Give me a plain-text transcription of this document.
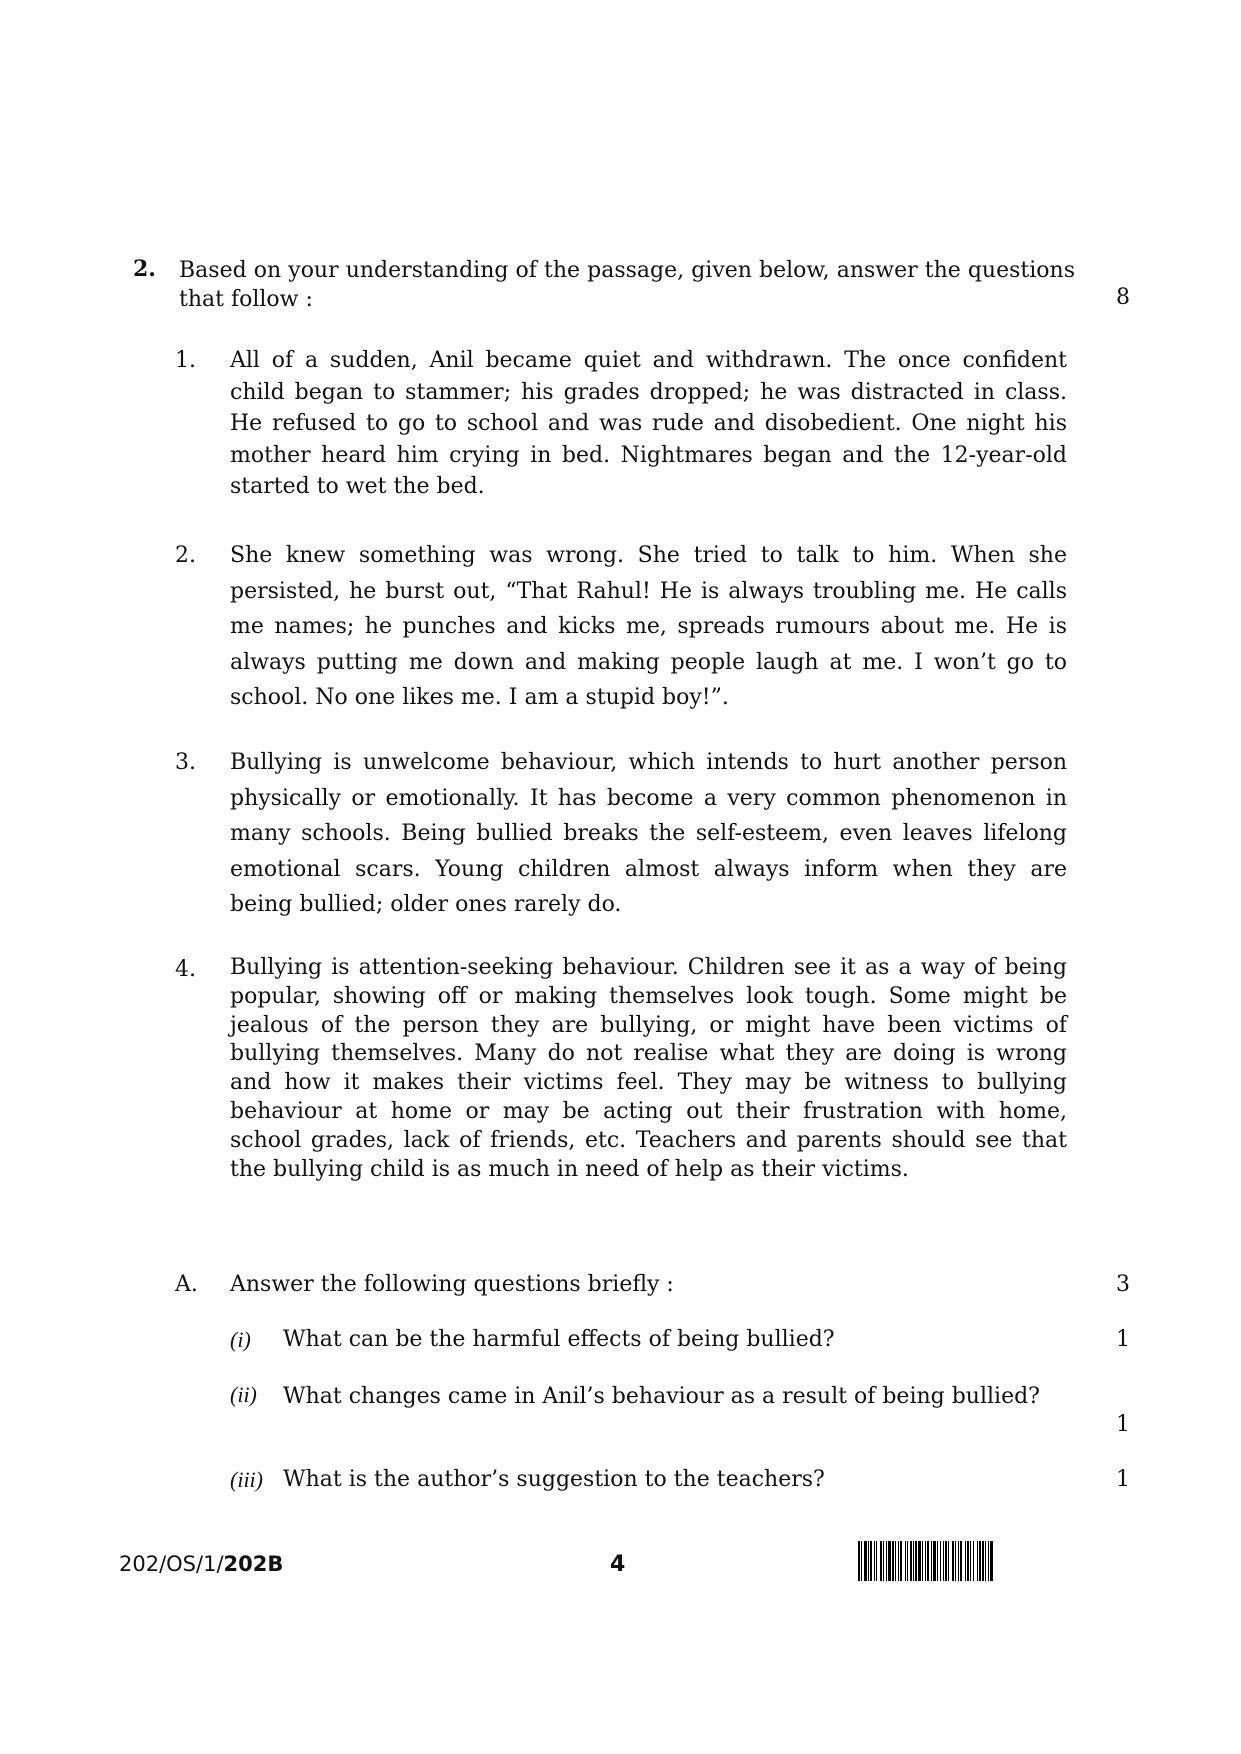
2. Based on your understanding of the passage, given below, answer the questions that follow :	8
1. All of a sudden, Anil became quiet and withdrawn. The once confident child began to stammer; his grades dropped; he was distracted in class. He refused to go to school and was rude and disobedient. One night his mother heard him crying in bed. Nightmares began and the 12-year-old started to wet the bed.
2. She knew something was wrong. She tried to talk to him. When she persisted, he burst out, “That Rahul! He is always troubling me. He calls me names; he punches and kicks me, spreads rumours about me. He is always putting me down and making people laugh at me. I won’t go to school. No one likes me. I am a stupid boy!”.
3. Bullying is unwelcome behaviour, which intends to hurt another person physically or emotionally. It has become a very common phenomenon in many schools. Being bullied breaks the self-esteem, even leaves lifelong emotional scars. Young children almost always inform when they are being bullied; older ones rarely do.
4. Bullying is attention-seeking behaviour. Children see it as a way of being popular, showing off or making themselves look tough. Some might be jealous of the person they are bullying, or might have been victims of bullying themselves. Many do not realise what they are doing is wrong and how it makes their victims feel. They may be witness to bullying behaviour at home or may be acting out their frustration with home, school grades, lack of friends, etc. Teachers and parents should see that the bullying child is as much in need of help as their victims.
A. Answer the following questions briefly :	3
(i) What can be the harmful effects of being bullied?	1
(ii) What changes came in Anil’s behaviour as a result of being bullied?
1
(iii) What is the author’s suggestion to the teachers?	1
202/OS/1/202B	4
